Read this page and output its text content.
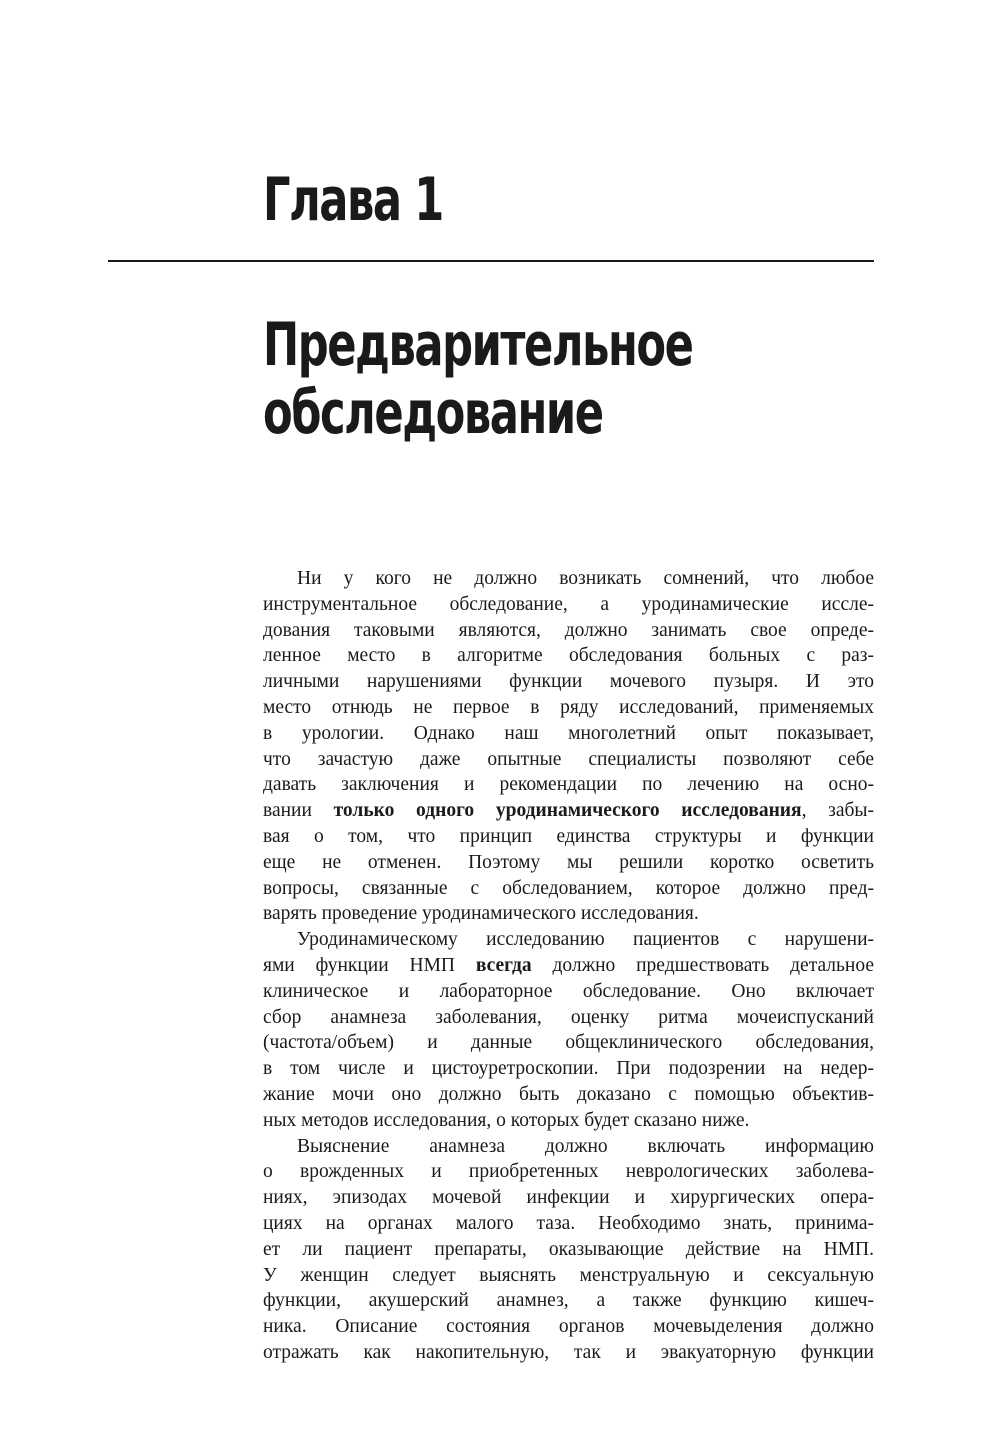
Глава 1
Предварительное
обследование
Ни у кого не должно возникать сомнений, что любое
инструментальное обследование, а уродинамические иссле-
дования таковыми являются, должно занимать свое опреде-
ленное место в алгоритме обследования больных с раз-
личными нарушениями функции мочевого пузыря. И это
место отнюдь не первое в ряду исследований, применяемых
в урологии. Однако наш многолетний опыт показывает,
что зачастую даже опытные специалисты позволяют себе
давать заключения и рекомендации по лечению на осно-
вании только одного уродинамического исследования, забы-
вая о том, что принцип единства структуры и функции
еще не отменен. Поэтому мы решили коротко осветить
вопросы, связанные с обследованием, которое должно пред-
варять проведение уродинамического исследования.
Уродинамическому исследованию пациентов с нарушени-
ями функции НМП всегда должно предшествовать детальное
клиническое и лабораторное обследование. Оно включает
сбор анамнеза заболевания, оценку ритма мочеиспусканий
(частота/объем) и данные общеклинического обследования,
в том числе и цистоуретроскопии. При подозрении на недер-
жание мочи оно должно быть доказано с помощью объектив-
ных методов исследования, о которых будет сказано ниже.
Выяснение анамнеза должно включать информацию
о врожденных и приобретенных неврологических заболева-
ниях, эпизодах мочевой инфекции и хирургических опера-
циях на органах малого таза. Необходимо знать, принима-
ет ли пациент препараты, оказывающие действие на НМП.
У женщин следует выяснять менструальную и сексуальную
функции, акушерский анамнез, а также функцию кишеч-
ника. Описание состояния органов мочевыделения должно
отражать как накопительную, так и эвакуаторную функции
